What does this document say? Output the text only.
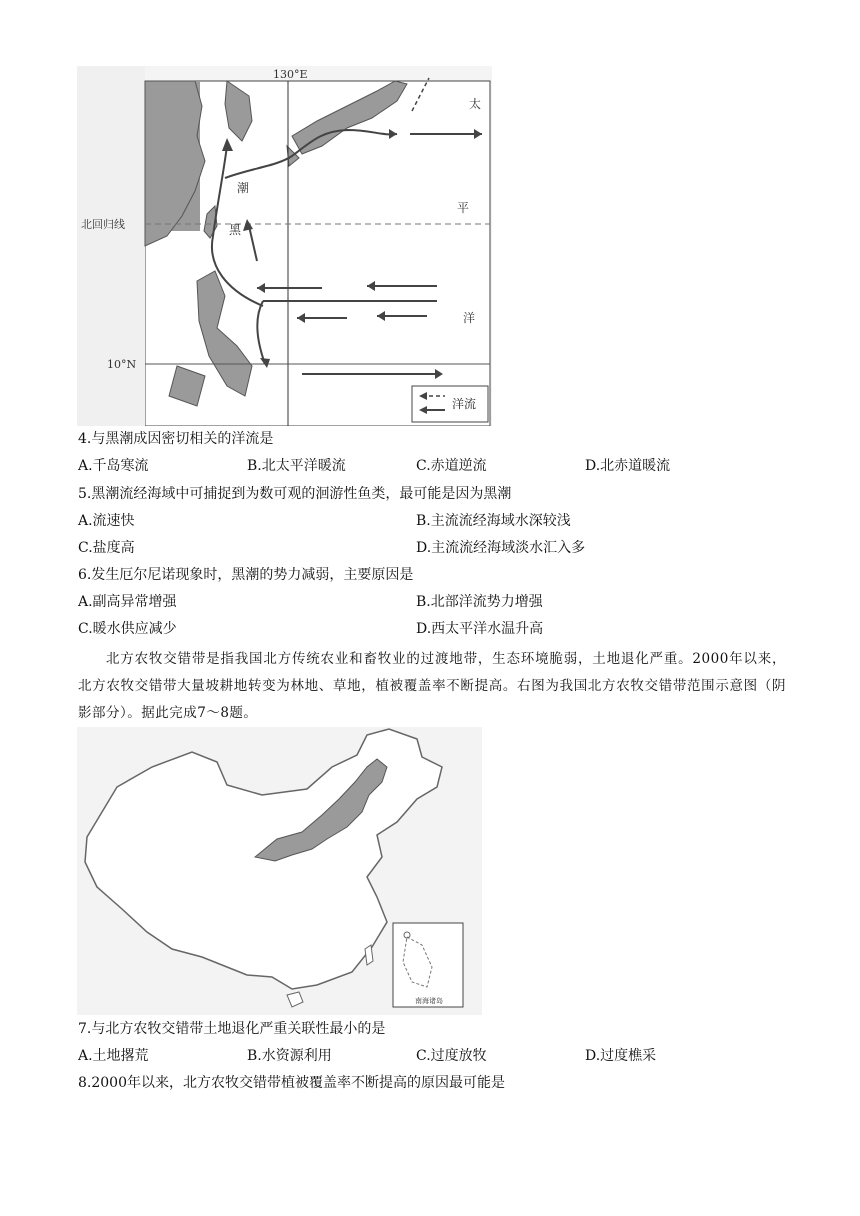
130°E
北回归线
10°N
太
平
洋
潮
黑
洋流
4.与黑潮成因密切相关的洋流是
A.千岛寒流	B.北太平洋暖流	C.赤道逆流	D.北赤道暖流
5.黑潮流经海域中可捕捉到为数可观的洄游性鱼类，最可能是因为黑潮
A.流速快	B.主流流经海域水深较浅
C.盐度高	D.主流流经海域淡水汇入多
6.发生厄尔尼诺现象时，黑潮的势力减弱，主要原因是
A.副高异常增强	B.北部洋流势力增强
C.暖水供应减少	D.西太平洋水温升高
北方农牧交错带是指我国北方传统农业和畜牧业的过渡地带，生态环境脆弱，土地退化严重。2000年以来，北方农牧交错带大量坡耕地转变为林地、草地，植被覆盖率不断提高。右图为我国北方农牧交错带范围示意图（阴影部分）。据此完成7～8题。
南海诸岛
7.与北方农牧交错带土地退化严重关联性最小的是
A.土地撂荒	B.水资源利用	C.过度放牧	D.过度樵采
8.2000年以来，北方农牧交错带植被覆盖率不断提高的原因最可能是
